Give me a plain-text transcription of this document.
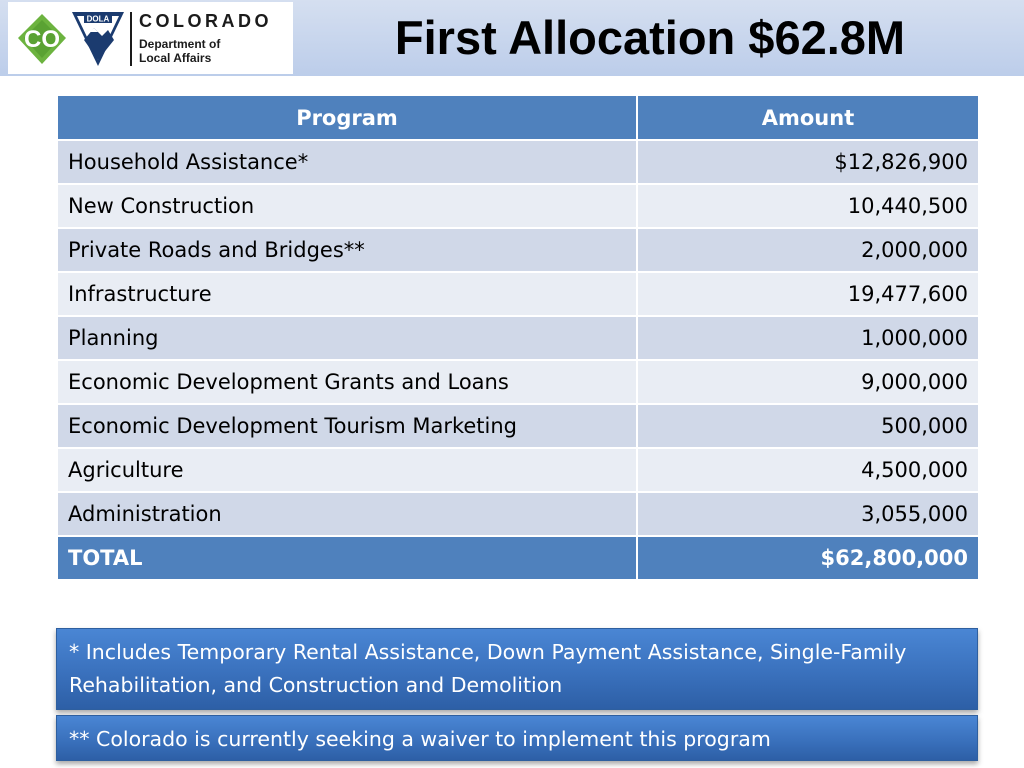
DOLA
CO
COLORADO
Department of
Local Affairs	First Allocation $62.8M
Program	Amount
Household Assistance*	$12,826,900
New Construction	10,440,500
Private Roads and Bridges**	2,000,000
Infrastructure	19,477,600
Planning	1,000,000
Economic Development Grants and Loans	9,000,000
Economic Development Tourism Marketing	500,000
Agriculture	4,500,000
Administration	3,055,000
TOTAL	$62,800,000
* Includes Temporary Rental Assistance, Down Payment Assistance, Single-Family Rehabilitation, and Construction and Demolition
** Colorado is currently seeking a waiver to implement this program
